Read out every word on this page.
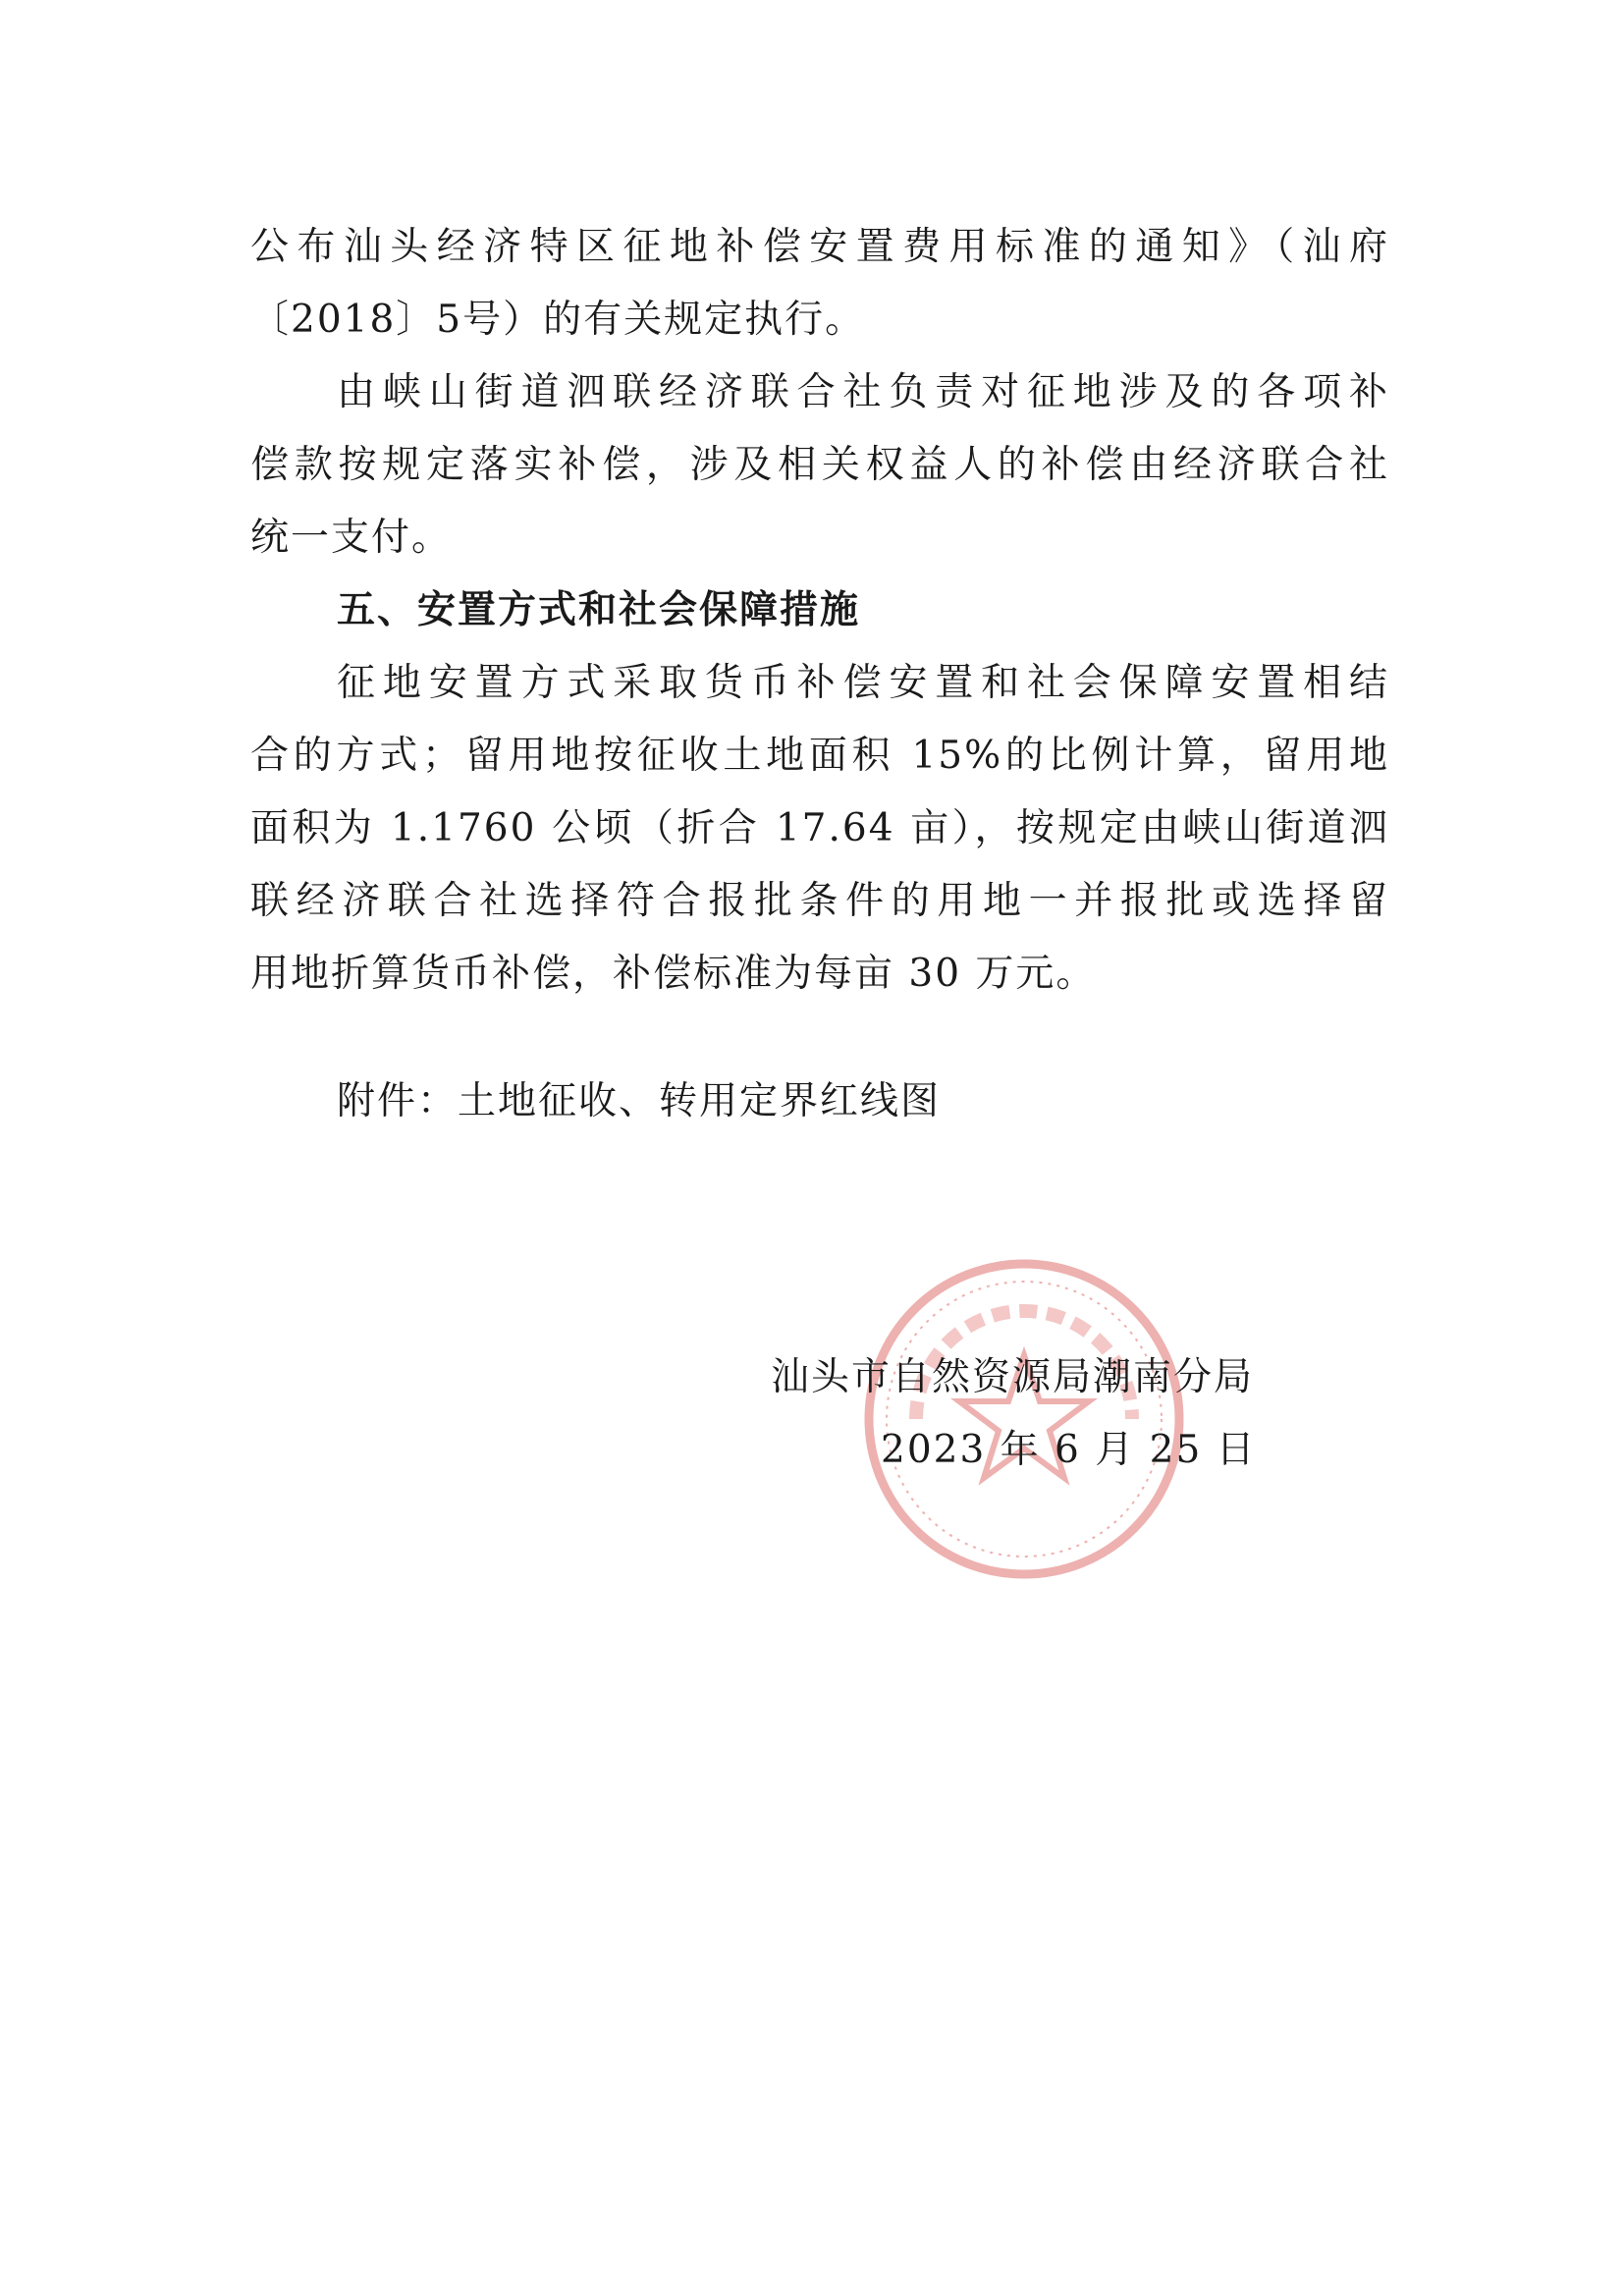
公布汕头经济特区征地补偿安置费用标准的通知》（汕府
〔2018〕5号）的有关规定执行。
由峡山街道泗联经济联合社负责对征地涉及的各项补
偿款按规定落实补偿，涉及相关权益人的补偿由经济联合社
统一支付。
五、安置方式和社会保障措施
征地安置方式采取货币补偿安置和社会保障安置相结
合的方式；留用地按征收土地面积 15%的比例计算，留用地
面积为 1.1760 公顷（折合 17.64 亩），按规定由峡山街道泗
联经济联合社选择符合报批条件的用地一并报批或选择留
用地折算货币补偿，补偿标准为每亩 30 万元。
附件：土地征收、转用定界红线图
汕头市自然资源局潮南分局
2023 年 6 月 25 日
